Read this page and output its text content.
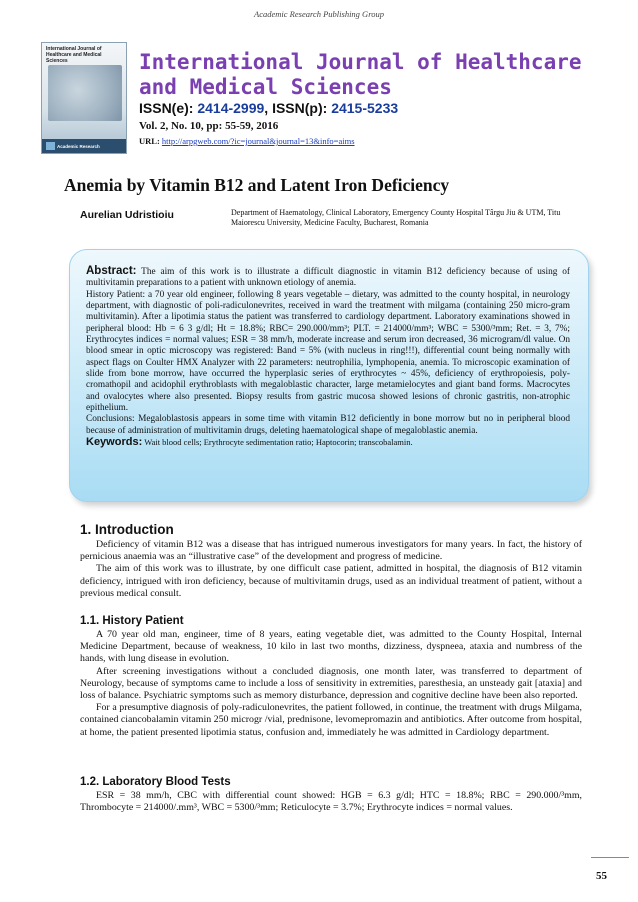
Academic Research Publishing Group
International Journal of Healthcare and Medical Sciences
Academic Research
International Journal of Healthcare and Medical Sciences
ISSN(e): 2414-2999, ISSN(p): 2415-5233
Vol. 2, No. 10, pp: 55-59, 2016
URL: http://arpgweb.com/?ic=journal&journal=13&info=aims
Anemia by Vitamin B12 and Latent Iron Deficiency
Aurelian Udristioiu	Department of Haematology, Clinical Laboratory, Emergency County Hospital Târgu Jiu & UTM, Titu Maiorescu University, Medicine Faculty, Bucharest, Romania

Abstract: The aim of this work is to illustrate a difficult diagnostic in vitamin B12 deficiency because of using of multivitamin preparations to a patient with unknown etiology of anemia.

History Patient: a 70 year old engineer, following 8 years vegetable – dietary, was admitted to the county hospital, in neurology department, with diagnostic of poli-radiculonevrites, received in ward the treatment with milgama (containing 250 micro-gram multivitamin). After a lipotimia status the patient was transferred to cardiology department. Laboratory examinations showed in peripheral blood: Hb = 6 3 g/dl; Ht = 18.8%; RBC= 290.000/mm³; PLT. = 214000/mm³; WBC = 5300/³mm; Ret. = 3, 7%; Erythrocytes indices = normal values; ESR = 38 mm/h, moderate increase and serum iron decreased, 36 microgram/dl value. On blood smear in optic microscopy was registered: Band = 5% (with nucleus in ring!!!), differential count being normally with aspect flags on Coulter HMX Analyzer with 22 parameters: neutrophilia, lymphopenia, anemia. To microscopic examination of slide from bone morrow, have occurred the hyperplasic series of erythrocytes ~ 45%, deficiency of erythropoiesis, poly-cromathopil and acidophil erythroblasts with megaloblastic character, large metamielocytes and giant band forms. Macrocytes and ovalocytes where also presented. Biopsy results from gastric mucosa showed lesions of chronic gastritis, non-atrophic epithelium.

Conclusions: Megaloblastosis appears in some time with vitamin B12 deficiently in bone morrow but no in peripheral blood because of administration of multivitamin drugs, deleting haematological shape of megaloblastic anemia.

Keywords: Wait blood cells; Erythrocyte sedimentation ratio; Haptocorin; transcobalamin.

1. Introduction

Deficiency of vitamin B12 was a disease that has intrigued numerous investigators for many years. In fact, the history of pernicious anaemia was an “illustrative case” of the development and progress of medicine.

The aim of this work was to illustrate, by one difficult case patient, admitted in hospital, the diagnosis of B12 vitamin deficiency, intrigued with iron deficiency, because of multivitamin drugs, used as an individual treatment of patient, without a previous medical consult.

1.1. History Patient

A 70 year old man, engineer, time of 8 years, eating vegetable diet, was admitted to the County Hospital, Internal Medicine Department, because of weakness, 10 kilo in last two months, dizziness, dyspneea, ataxia and numbress of the hands, with lung disease in evolution.

After screening investigations without a concluded diagnosis, one month later, was transferred to department of Neurology, because of symptoms came to include a loss of sensitivity in extremities, paresthesia, an unsteady gait [ataxia] and loss of balance. Psychiatric symptoms such as memory disturbance, depression and cognitive decline have been also reported.

For a presumptive diagnosis of poly-radiculonevrites, the patient followed, in continue, the treatment with drugs Milgama, contained ciancobalamin vitamin 250 microgr /vial, prednisone, levomepromazin and antibiotics. After outcome from hospital, at home, the patient presented lipotimia status, confusion and, immediately he was admitted in Cardiology department.

1.2. Laboratory Blood Tests

ESR = 38 mm/h, CBC with differential count showed: HGB = 6.3 g/dl; HTC = 18.8%; RBC = 290.000/³mm, Thrombocyte = 214000/.mm³, WBC = 5300/³mm; Reticulocyte = 3.7%; Erythrocyte indices = normal values.

55
